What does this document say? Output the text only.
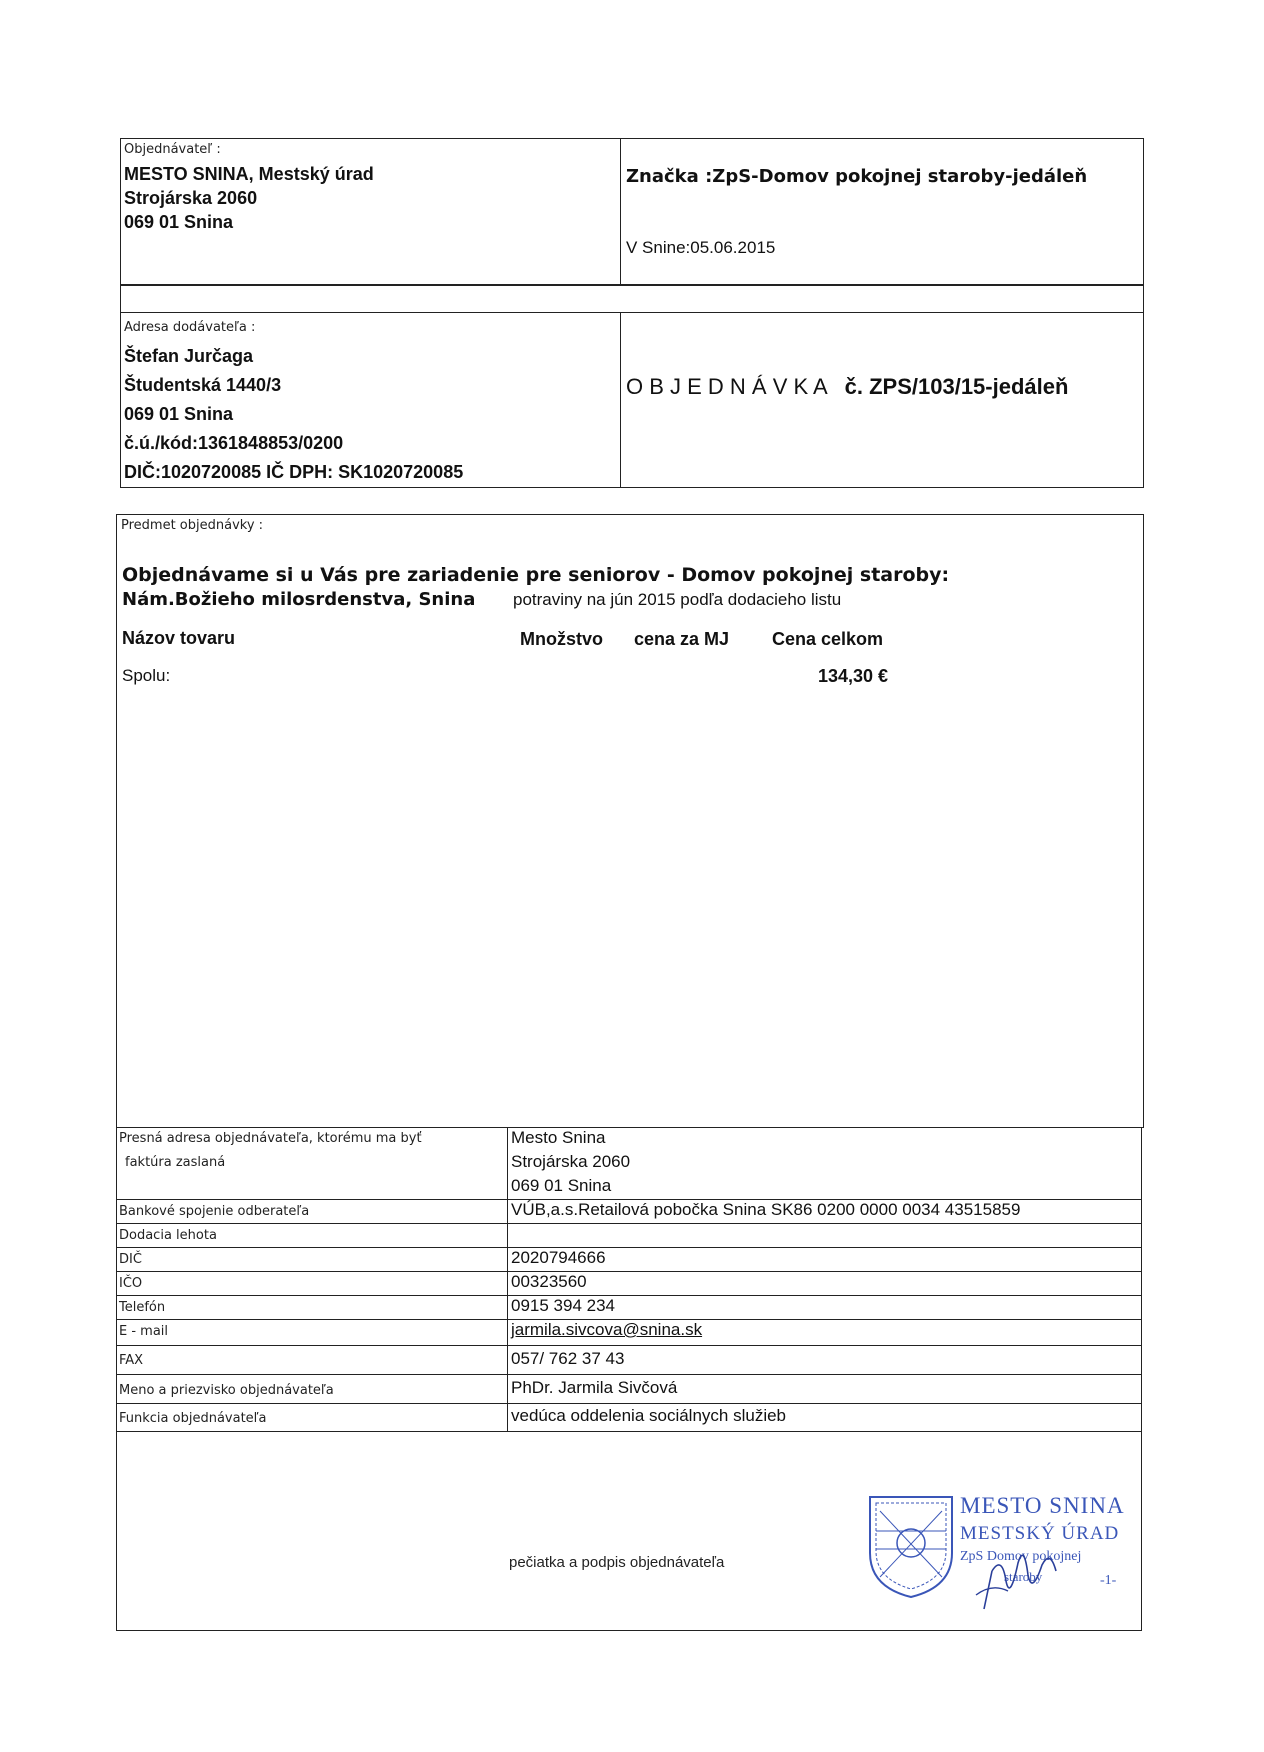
Objednávateľ :
MESTO SNINA, Mestský úrad
Strojárska 2060
069 01 Snina
Značka :ZpS-Domov pokojnej staroby-jedáleň
V Snine:05.06.2015
Adresa dodávateľa :
Štefan Jurčaga
Študentská 1440/3
069 01 Snina
č.ú./kód:1361848853/0200
DIČ:1020720085 IČ DPH: SK1020720085
O B J E D N Á V K A č. ZPS/103/15-jedáleň
Predmet objednávky :
Objednávame si u Vás pre zariadenie pre seniorov - Domov pokojnej staroby:
Nám.Božieho milosrdenstva, Snina potraviny na jún 2015 podľa dodacieho listu
Názov tovaru	Množstvo cena za MJ Cena celkom
Spolu:	134,30 €
Presná adresa objednávateľa, ktorému ma byť
faktúra zaslaná
Mesto Snina
Strojárska 2060
069 01 Snina
Bankové spojenie odberateľa	VÚB,a.s.Retailová pobočka Snina SK86 0200 0000 0034 43515859
Dodacia lehota
DIČ	2020794666
IČO	00323560
Telefón	0915 394 234
E - mail	jarmila.sivcova@snina.sk
FAX	057/ 762 37 43
Meno a priezvisko objednávateľa	PhDr. Jarmila Sivčová
Funkcia objednávateľa	vedúca oddelenia sociálnych služieb
pečiatka a podpis objednávateľa
MESTO SNINA
MESTSKÝ ÚRAD
ZpS Domov pokojnej
staroby	-1-
